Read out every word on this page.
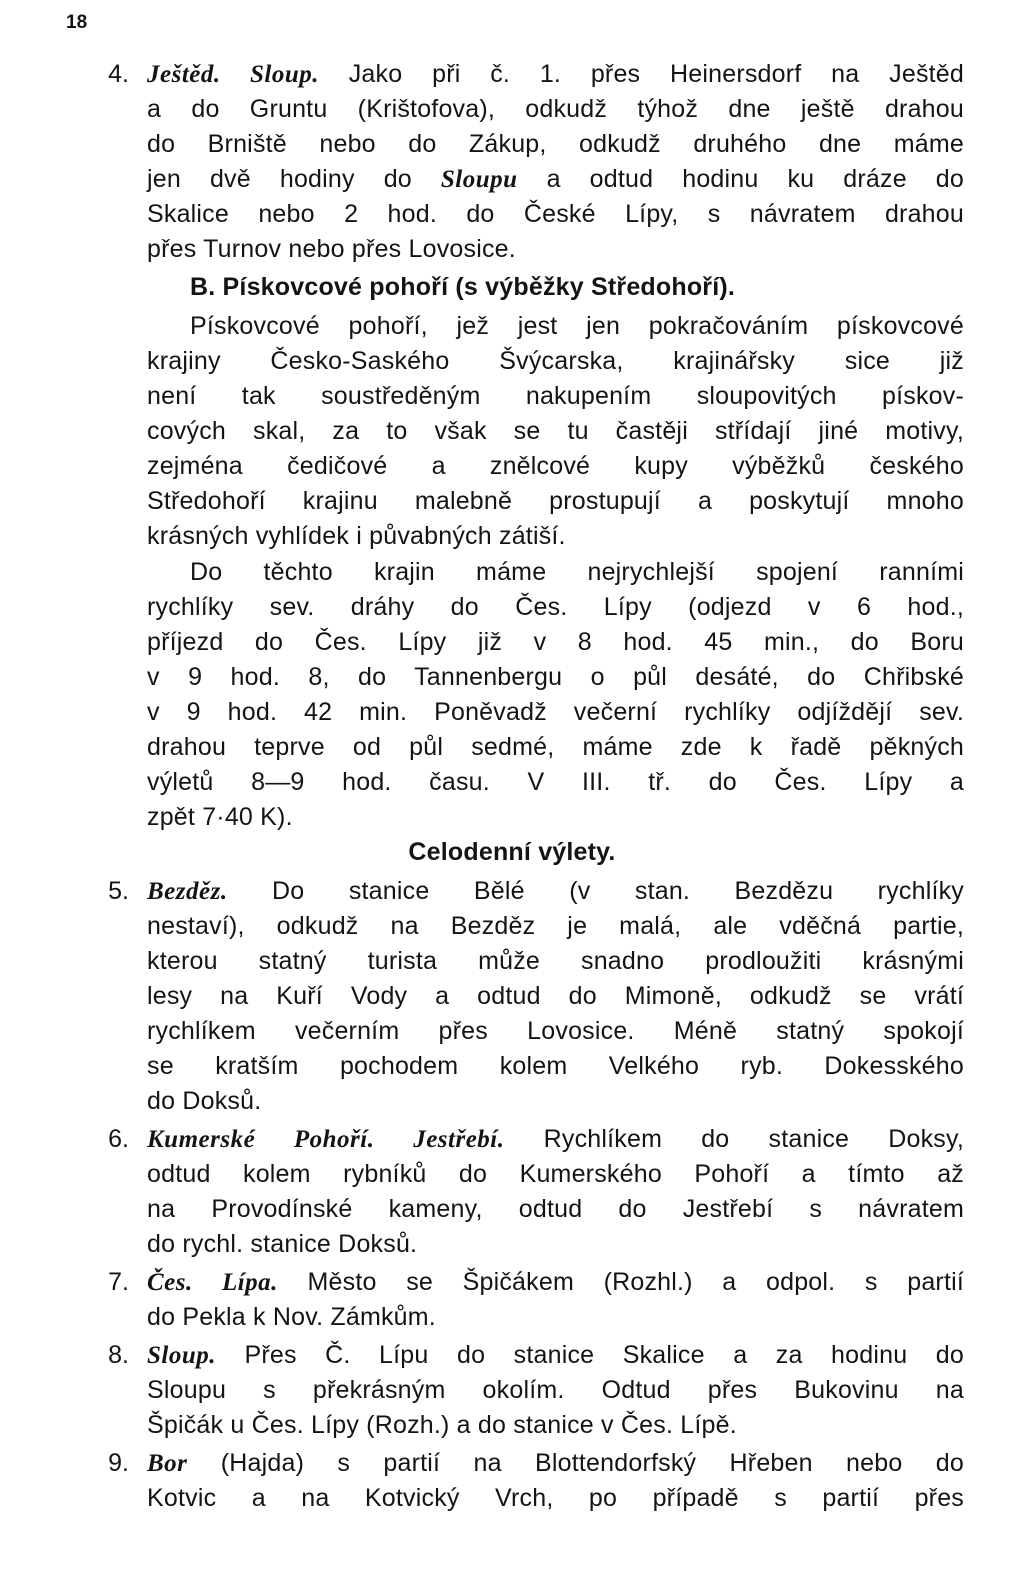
18
4. Ještěd. Sloup. Jako při č. 1. přes Heinersdorf na Ještěd
a do Gruntu (Krištofova), odkudž týhož dne ještě drahou
do Brniště nebo do Zákup, odkudž druhého dne máme
jen dvě hodiny do Sloupu a odtud hodinu ku dráze do
Skalice nebo 2 hod. do České Lípy, s návratem drahou
přes Turnov nebo přes Lovosice.
B. Pískovcové pohoří (s výběžky Středohoří).
Pískovcové pohoří, jež jest jen pokračováním pískovcové
krajiny Česko-Saského Švýcarska, krajinářsky sice již
není tak soustředěným nakupením sloupovitých pískov-
cových skal, za to však se tu častěji střídají jiné motivy,
zejména čedičové a znělcové kupy výběžků českého
Středohoří krajinu malebně prostupují a poskytují mnoho
krásných vyhlídek i půvabných zátiší.
Do těchto krajin máme nejrychlejší spojení ranními
rychlíky sev. dráhy do Čes. Lípy (odjezd v 6 hod.,
příjezd do Čes. Lípy již v 8 hod. 45 min., do Boru
v 9 hod. 8, do Tannenbergu o půl desáté, do Chřibské
v 9 hod. 42 min. Poněvadž večerní rychlíky odjíždějí sev.
drahou teprve od půl sedmé, máme zde k řadě pěkných
výletů 8—9 hod. času. V III. tř. do Čes. Lípy a
zpět 7·40 K).
Celodenní výlety.
5. Bezděz. Do stanice Bělé (v stan. Bezdězu rychlíky
nestaví), odkudž na Bezděz je malá, ale vděčná partie,
kterou statný turista může snadno prodloužiti krásnými
lesy na Kuří Vody a odtud do Mimoně, odkudž se vrátí
rychlíkem večerním přes Lovosice. Méně statný spokojí
se kratším pochodem kolem Velkého ryb. Dokesského
do Doksů.
6. Kumerské Pohoří. Jestřebí. Rychlíkem do stanice Doksy,
odtud kolem rybníků do Kumerského Pohoří a tímto až
na Provodínské kameny, odtud do Jestřebí s návratem
do rychl. stanice Doksů.
7. Čes. Lípa. Město se Špičákem (Rozhl.) a odpol. s partií
do Pekla k Nov. Zámkům.
8. Sloup. Přes Č. Lípu do stanice Skalice a za hodinu do
Sloupu s překrásným okolím. Odtud přes Bukovinu na
Špičák u Čes. Lípy (Rozh.) a do stanice v Čes. Lípě.
9. Bor (Hajda) s partií na Blottendorfský Hřeben nebo do
Kotvic a na Kotvický Vrch, po případě s partií přes
